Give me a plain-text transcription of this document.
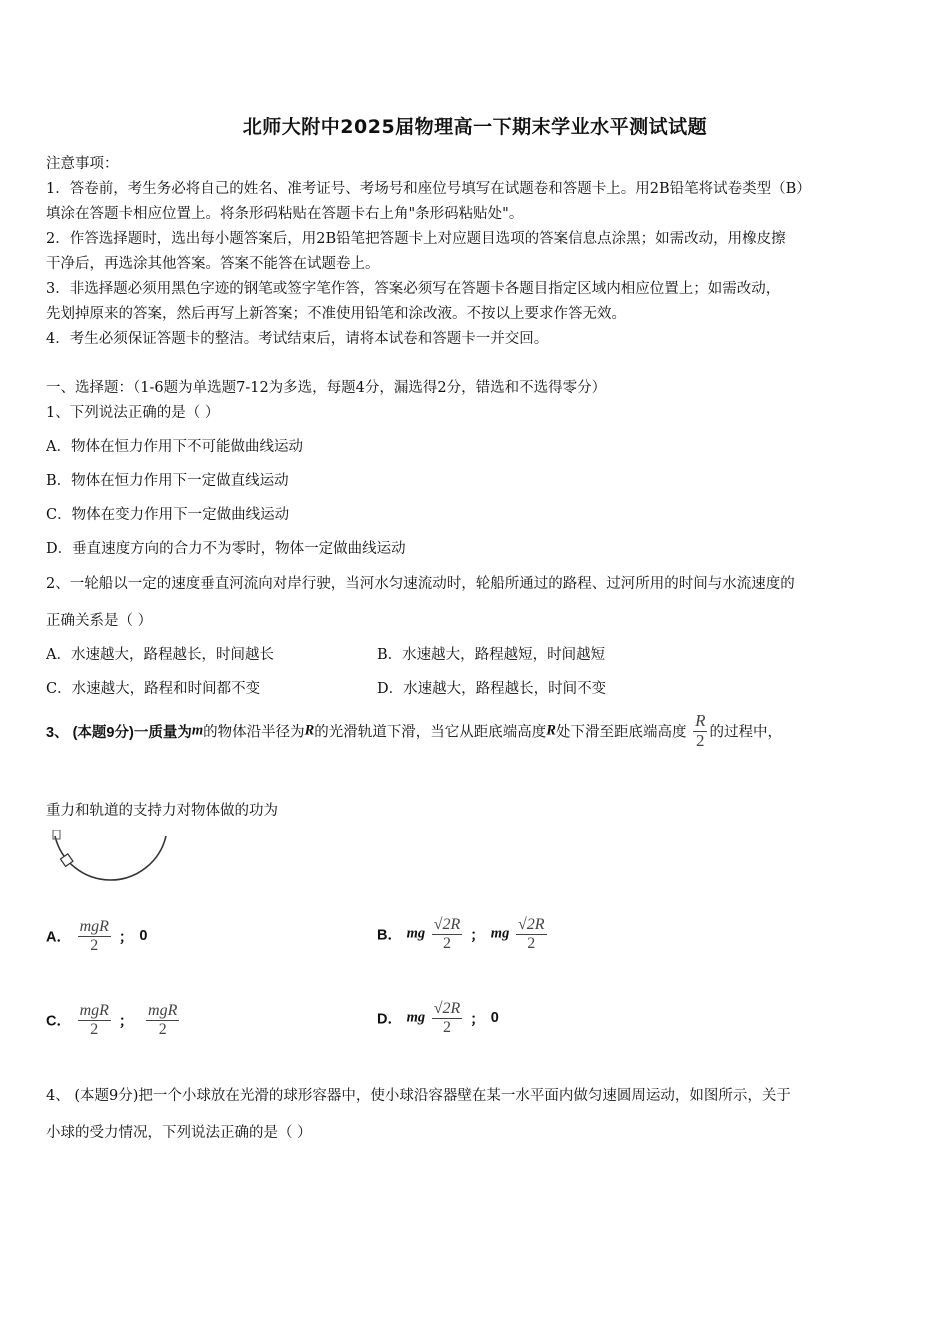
北师大附中2025届物理高一下期末学业水平测试试题
注意事项：
1．答卷前，考生务必将自己的姓名、准考证号、考场号和座位号填写在试题卷和答题卡上。用2B铅笔将试卷类型（B）
填涂在答题卡相应位置上。将条形码粘贴在答题卡右上角"条形码粘贴处"。
2．作答选择题时，选出每小题答案后，用2B铅笔把答题卡上对应题目选项的答案信息点涂黑；如需改动，用橡皮擦
干净后，再选涂其他答案。答案不能答在试题卷上。
3．非选择题必须用黑色字迹的钢笔或签字笔作答，答案必须写在答题卡各题目指定区域内相应位置上；如需改动，
先划掉原来的答案，然后再写上新答案；不准使用铅笔和涂改液。不按以上要求作答无效。
4．考生必须保证答题卡的整洁。考试结束后，请将本试卷和答题卡一并交回。
一、选择题：（1-6题为单选题7-12为多选，每题4分，漏选得2分，错选和不选得零分）
1、下列说法正确的是（ ）
A．物体在恒力作用下不可能做曲线运动
B．物体在恒力作用下一定做直线运动
C．物体在变力作用下一定做曲线运动
D．垂直速度方向的合力不为零时，物体一定做曲线运动
2、一轮船以一定的速度垂直河流向对岸行驶，当河水匀速流动时，轮船所通过的路程、过河所用的时间与水流速度的
正确关系是（ ）
A．水速越大，路程越长，时间越长	B．水速越大，路程越短，时间越短
C．水速越大，路程和时间都不变	D．水速越大，路程越长，时间不变
3、 (本题9分)一质量为m的物体沿半径为R的光滑轨道下滑，当它从距底端高度R处下滑至距底端高度 $\frac{R}{2}$ 的过程中，
重力和轨道的支持力对物体做的功为
A． $\frac{\text{mgR}}{2}$ ； 0	B． mg $\frac{√2R}{2}$ ； mg $\frac{√2R}{2}$
C． $\frac{\text{mgR}}{2}$ ； $\frac{\text{mgR}}{2}$	D． mg $\frac{√2R}{2}$ ； 0
4、 (本题9分)把一个小球放在光滑的球形容器中，使小球沿容器壁在某一水平面内做匀速圆周运动，如图所示，关于
小球的受力情况，下列说法正确的是（ ）
